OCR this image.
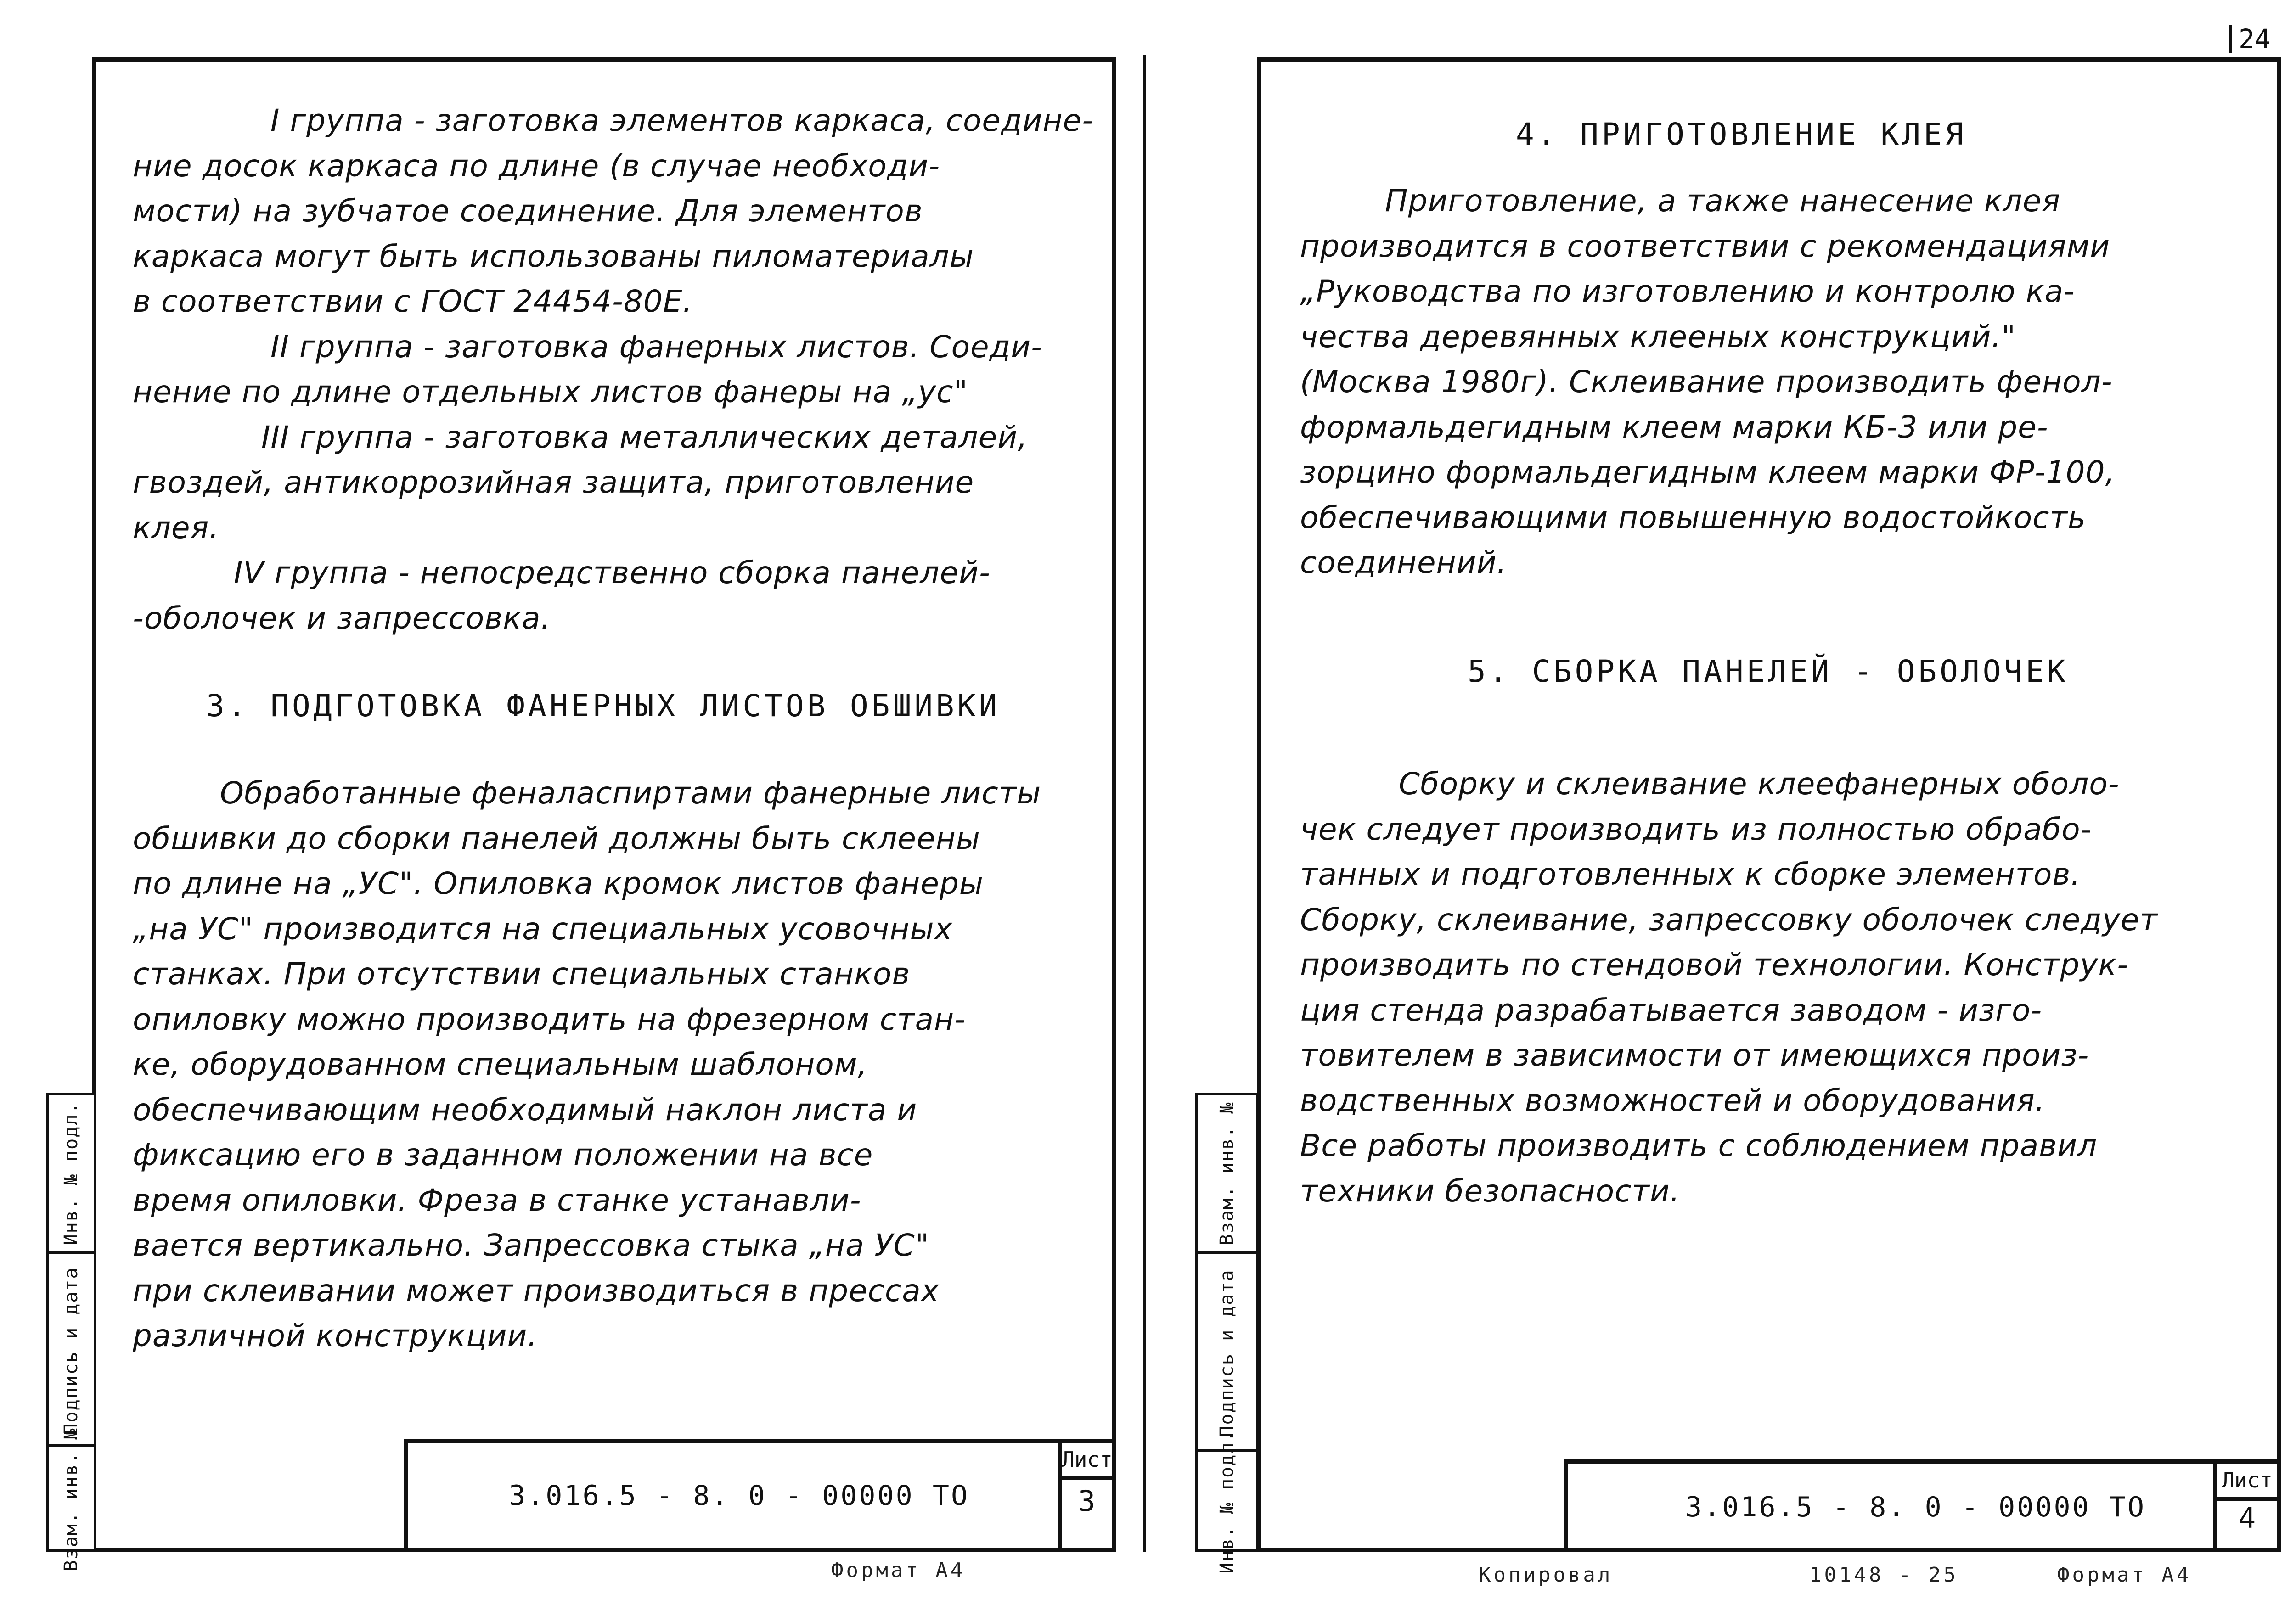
24
І группа - заготовка элементов каркаса, соедине-
ние досок каркаса по длине (в случае необходи-
мости) на зубчатое соединение. Для элементов
каркаса могут быть использованы пиломатериалы
в соответствии с ГОСТ 24454-80Е.
ІІ группа - заготовка фанерных листов. Соеди-
нение по длине отдельных листов фанеры на „ус"
ІІІ группа - заготовка металлических деталей,
гвоздей, антикоррозийная защита, приготовление
клея.
ІV группа - непосредственно сборка панелей-
-оболочек и запрессовка.
3. ПОДГОТОВКА ФАНЕРНЫХ ЛИСТОВ ОБШИВКИ
Обработанные феналаспиртами фанерные листы
обшивки до сборки панелей должны быть склеены
по длине на „УС". Опиловка кромок листов фанеры
„на УС" производится на специальных усовочных
станках. При отсутствии специальных станков
опиловку можно производить на фрезерном стан-
ке, оборудованном специальным шаблоном,
обеспечивающим необходимый наклон листа и
фиксацию его в заданном положении на все
время опиловки. Фреза в станке устанавли-
вается вертикально. Запрессовка стыка „на УС"
при склеивании может производиться в прессах
различной конструкции.
3.016.5 - 8. 0 - 00000 ТО
Лист
3
Инв. № подл.
Подпись и дата
Взам. инв. №	Формат А4
4. ПРИГОТОВЛЕНИЕ КЛЕЯ
Приготовление, а также нанесение клея
производится в соответствии с рекомендациями
„Руководства по изготовлению и контролю ка-
чества деревянных клееных конструкций."
(Москва 1980г). Склеивание производить фенол-
формальдегидным клеем марки КБ-3 или ре-
зорцино формальдегидным клеем марки ФР-100,
обеспечивающими повышенную водостойкость
соединений.
5. СБОРКА ПАНЕЛЕЙ - ОБОЛОЧЕК
Сборку и склеивание клеефанерных оболо-
чек следует производить из полностью обрабо-
танных и подготовленных к сборке элементов.
Сборку, склеивание, запрессовку оболочек следует
производить по стендовой технологии. Конструк-
ция стенда разрабатывается заводом - изго-
товителем в зависимости от имеющихся произ-
водственных возможностей и оборудования.
Все работы производить с соблюдением правил
техники безопасности.
3.016.5 - 8. 0 - 00000 ТО
Лист
4
Взам. инв. №
Подпись и дата
Инв. № подл.
Копировал	10148 - 25	Формат А4
